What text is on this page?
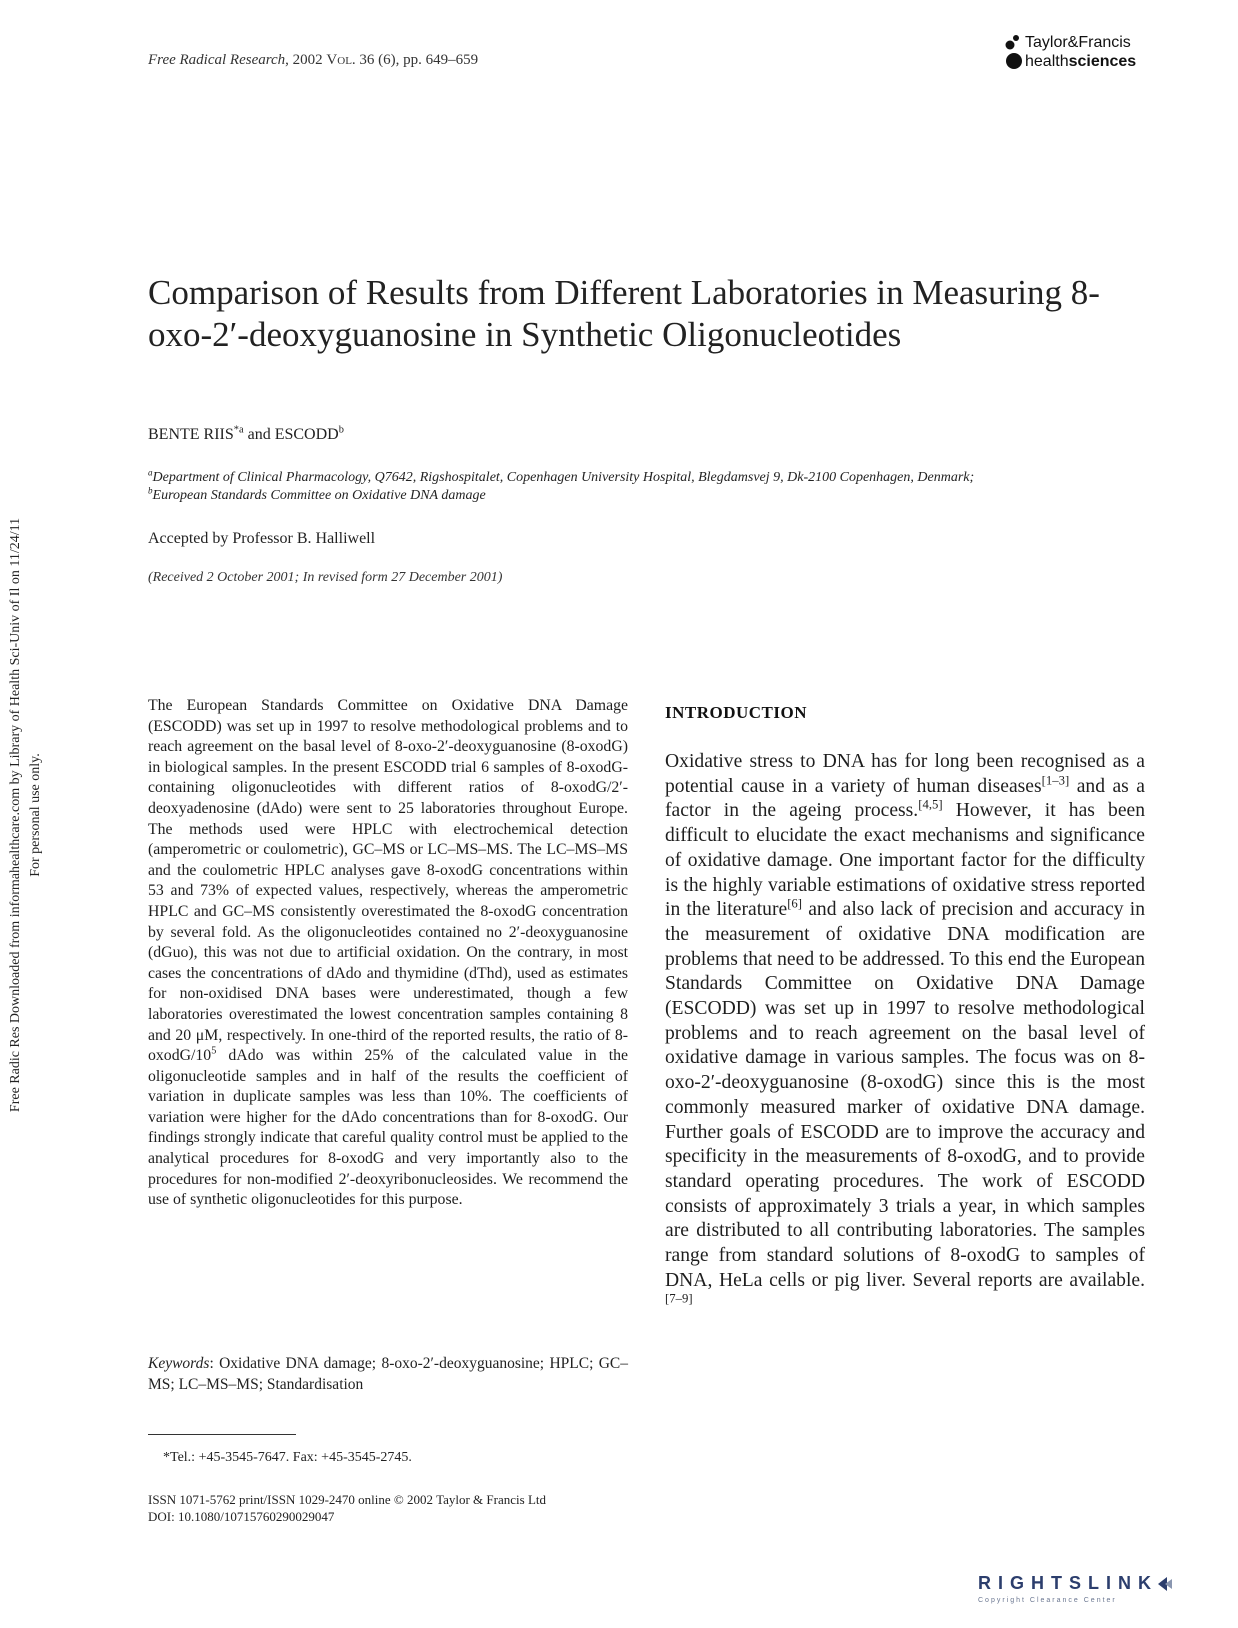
Free Radical Research, 2002 Vol. 36 (6), pp. 649–659
Taylor&Francis
healthsciences
Free Radic Res Downloaded from informahealthcare.com by Library of Health Sci-Univ of Il on 11/24/11 For personal use only.
Comparison of Results from Different Laboratories in Measuring 8-oxo-2′-deoxyguanosine in Synthetic Oligonucleotides
BENTE RIIS$^{*a}$ and ESCODD$^b$
$^a$Department of Clinical Pharmacology, Q7642, Rigshospitalet, Copenhagen University Hospital, Blegdamsvej 9, Dk-2100 Copenhagen, Denmark;
$^b$European Standards Committee on Oxidative DNA damage
Accepted by Professor B. Halliwell
(Received 2 October 2001; In revised form 27 December 2001)

The European Standards Committee on Oxidative DNA Damage (ESCODD) was set up in 1997 to resolve methodological problems and to reach agreement on the basal level of 8-oxo-2′-deoxyguanosine (8-oxodG) in biological samples. In the present ESCODD trial 6 samples of 8-oxodG-containing oligonucleotides with different ratios of 8-oxodG/2′-deoxyadenosine (dAdo) were sent to 25 laboratories throughout Europe. The methods used were HPLC with electrochemical detection (amperometric or coulometric), GC–MS or LC–MS–MS. The LC–MS–MS and the coulometric HPLC analyses gave 8-oxodG concentrations within 53 and 73% of expected values, respectively, whereas the amperometric HPLC and GC–MS consistently overestimated the 8-oxodG concentration by several fold. As the oligonucleotides contained no 2′-deoxyguanosine (dGuo), this was not due to artificial oxidation. On the contrary, in most cases the concentrations of dAdo and thymidine (dThd), used as estimates for non-oxidised DNA bases were underestimated, though a few laboratories overestimated the lowest concentration samples containing 8 and 20 μM, respectively. In one-third of the reported results, the ratio of $8-oxodG/10^5$ dAdo was within 25% of the calculated value in the oligonucleotide samples and in half of the results the coefficient of variation in duplicate samples was less than 10%. The coefficients of variation were higher for the dAdo concentrations than for 8-oxodG. Our findings strongly indicate that careful quality control must be applied to the analytical procedures for 8-oxodG and very importantly also to the procedures for non-modified 2′-deoxyribonucleosides. We recommend the use of synthetic oligonucleotides for this purpose.

Keywords: Oxidative DNA damage; 8-oxo-2′-deoxyguanosine; HPLC; GC–MS; LC–MS–MS; Standardisation

*Tel.: +45-3545-7647. Fax: +45-3545-2745.
ISSN 1071-5762 print/ISSN 1029-2470 online © 2002 Taylor & Francis Ltd
DOI: 10.1080/10715760290029047
INTRODUCTION

Oxidative stress to DNA has for long been recognised as a potential cause in a variety of human diseases[1–3] and as a factor in the ageing process.[4,5] However, it has been difficult to elucidate the exact mechanisms and significance of oxidative damage. One important factor for the difficulty is the highly variable estimations of oxidative stress reported in the literature[6] and also lack of precision and accuracy in the measurement of oxidative DNA modification are problems that need to be addressed. To this end the European Standards Committee on Oxidative DNA Damage (ESCODD) was set up in 1997 to resolve methodological problems and to reach agreement on the basal level of oxidative damage in various samples. The focus was on 8-oxo-2′-deoxyguanosine (8-oxodG) since this is the most commonly measured marker of oxidative DNA damage. Further goals of ESCODD are to improve the accuracy and specificity in the measurements of 8-oxodG, and to provide standard operating procedures. The work of ESCODD consists of approximately 3 trials a year, in which samples are distributed to all contributing laboratories. The samples range from standard solutions of 8-oxodG to samples of DNA, HeLa cells or pig liver. Several reports are available.[7–9]

RIGHTSLINK
Copyright Clearance Center
